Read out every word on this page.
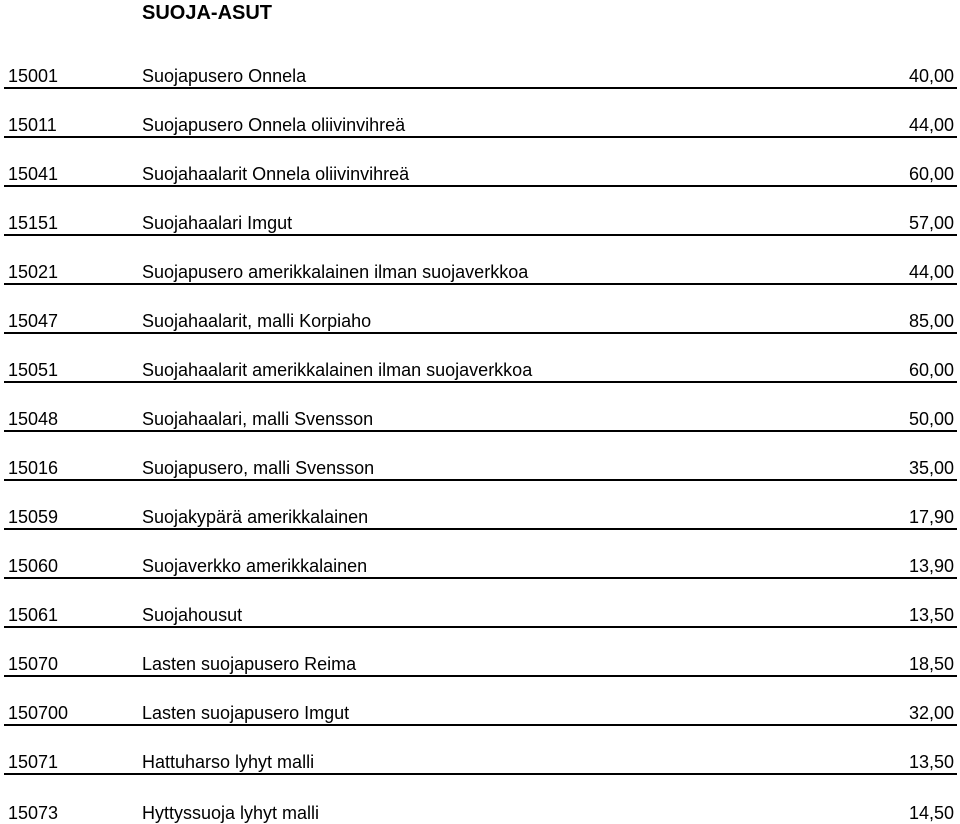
SUOJA-ASUT
15001	Suojapusero Onnela	40,00
15011	Suojapusero Onnela oliivinvihreä	44,00
15041	Suojahaalarit Onnela oliivinvihreä	60,00
15151	Suojahaalari Imgut	57,00
15021	Suojapusero amerikkalainen ilman suojaverkkoa	44,00
15047	Suojahaalarit, malli Korpiaho	85,00
15051	Suojahaalarit amerikkalainen ilman suojaverkkoa	60,00
15048	Suojahaalari, malli Svensson	50,00
15016	Suojapusero, malli Svensson	35,00
15059	Suojakypärä amerikkalainen	17,90
15060	Suojaverkko amerikkalainen	13,90
15061	Suojahousut	13,50
15070	Lasten suojapusero Reima	18,50
150700	Lasten suojapusero Imgut	32,00
15071	Hattuharso lyhyt malli	13,50
15073	Hyttyssuoja lyhyt malli	14,50
